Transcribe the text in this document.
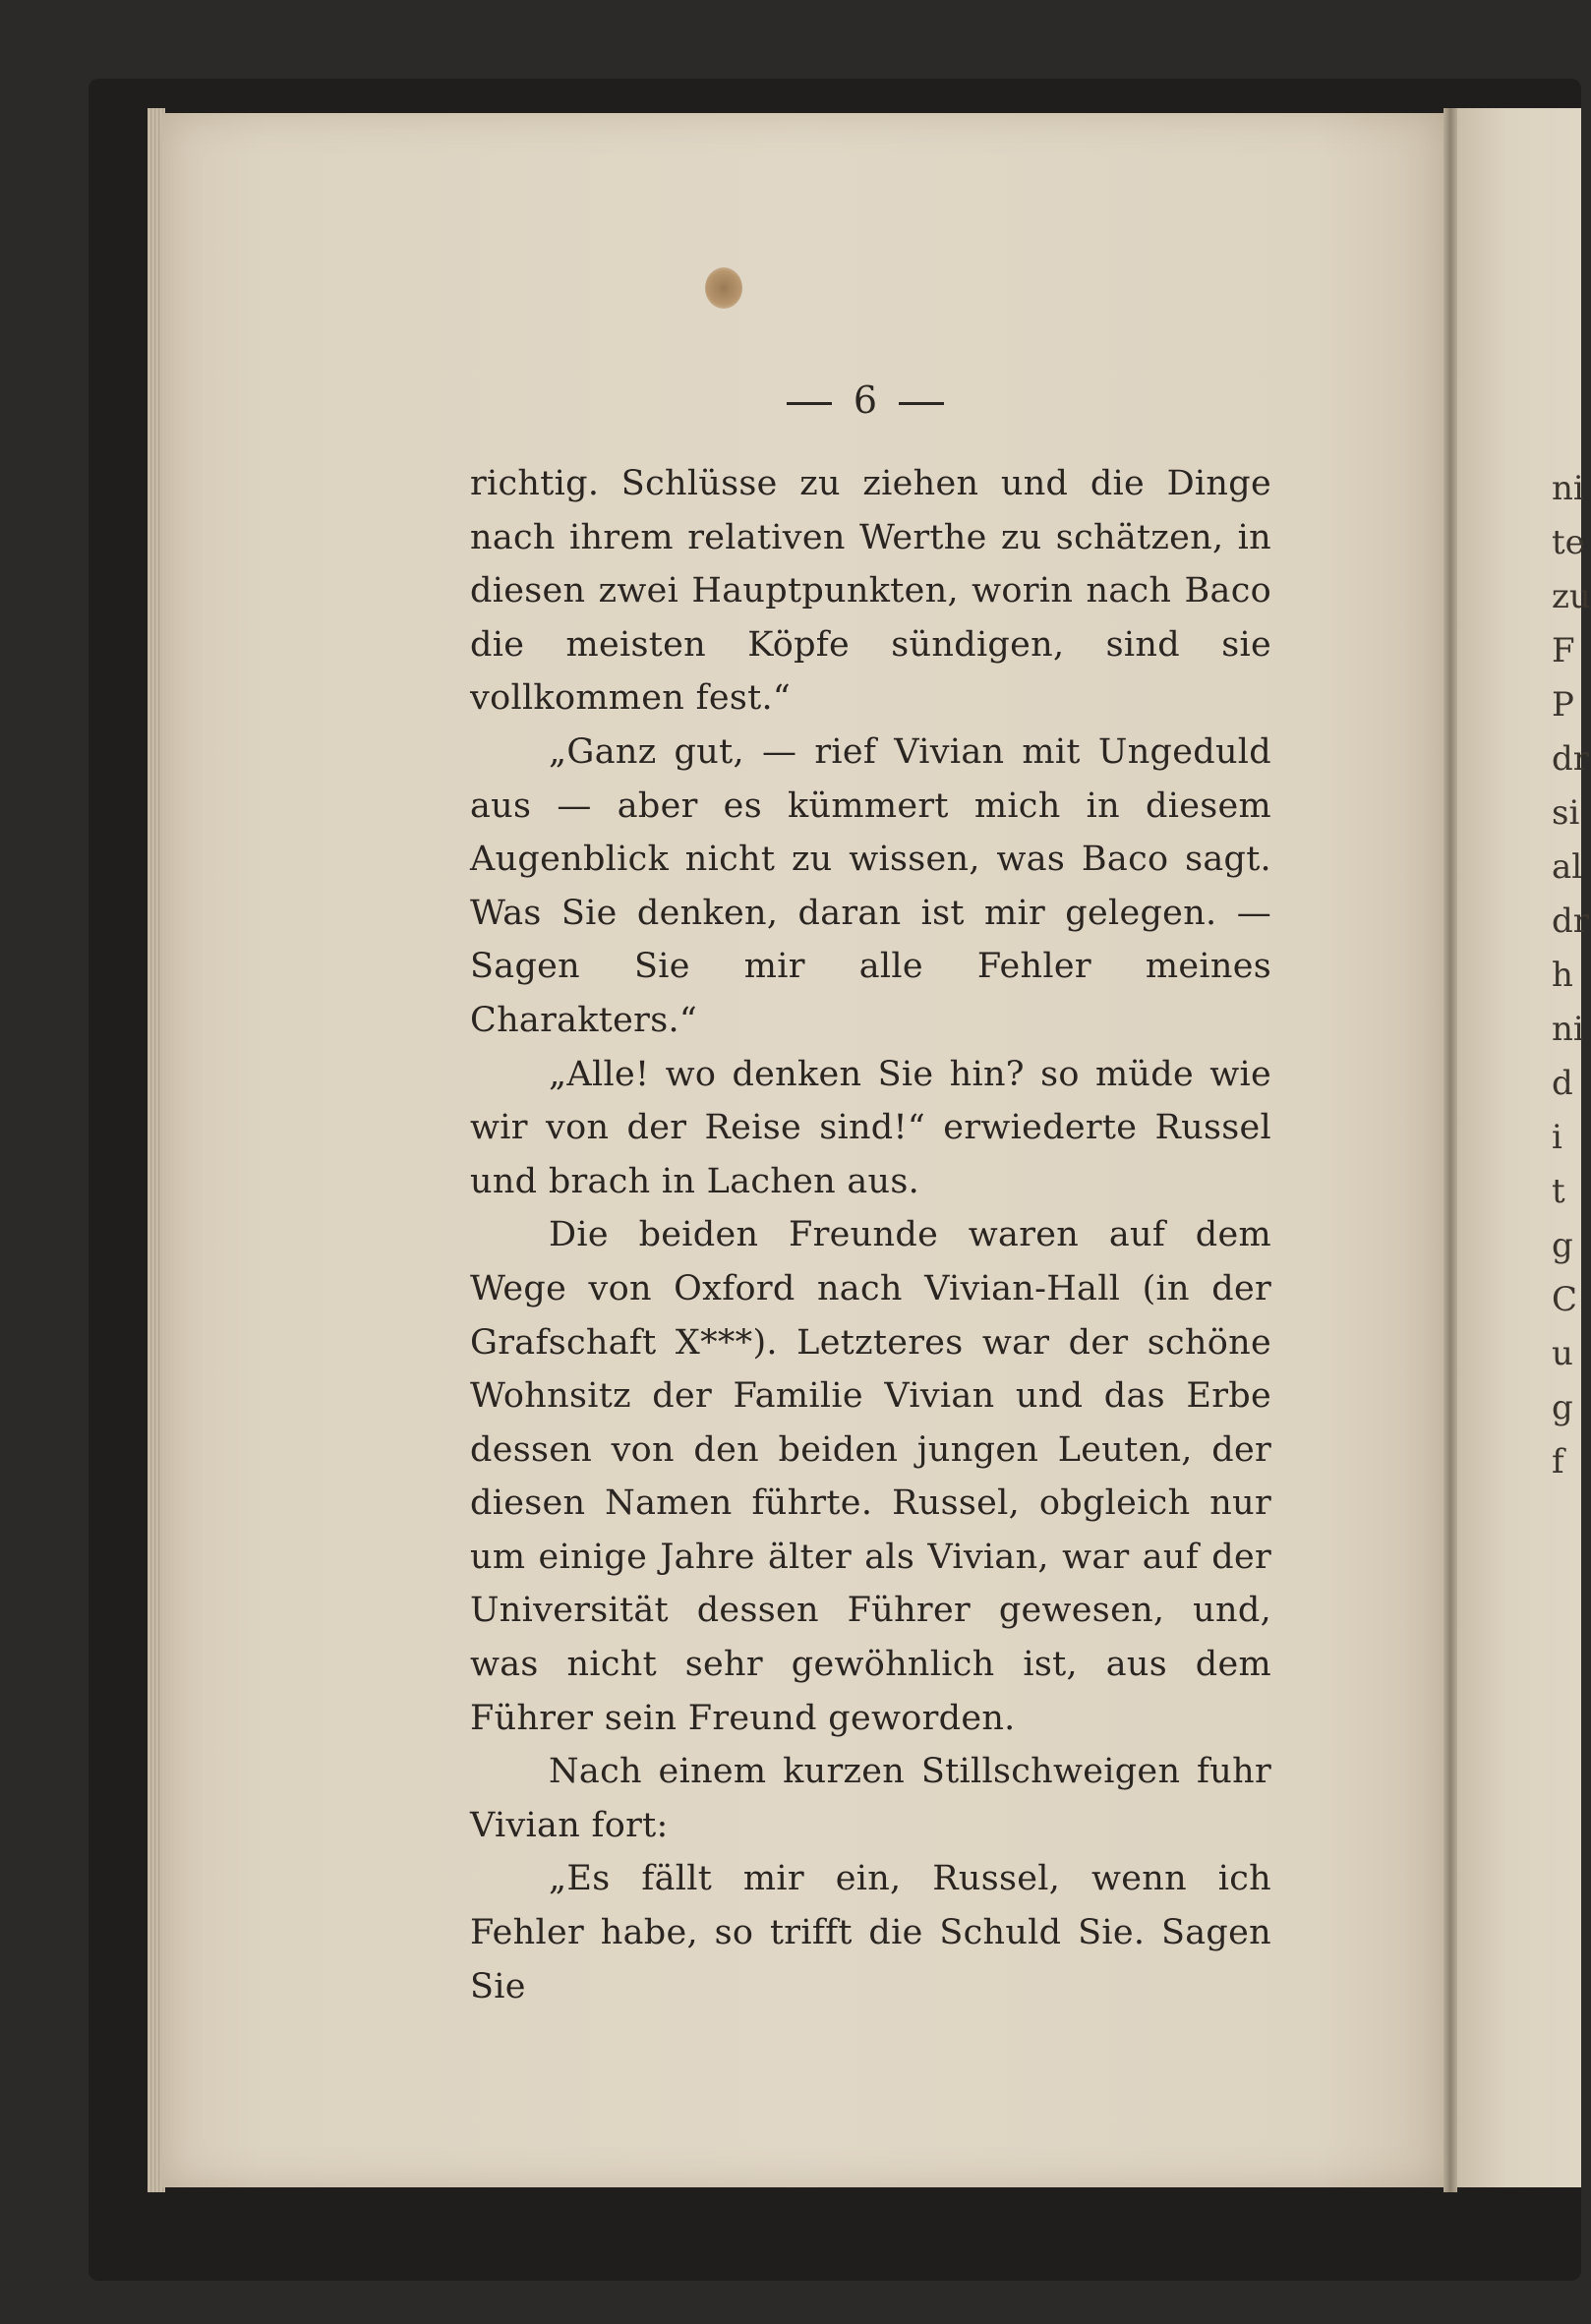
ni
te
zu
F
P
dr
si
al
dr
h
ni
d
i
t
g
C
u
g
f
6

richtig. Schlüsse zu ziehen und die Dinge nach ihrem relativen Werthe zu schätzen, in diesen zwei Hauptpunkten, worin nach Baco die meisten Köpfe sündigen, sind sie vollkommen fest.“

„Ganz gut, — rief Vivian mit Ungeduld aus — aber es kümmert mich in diesem Augenblick nicht zu wissen, was Baco sagt. Was Sie denken, daran ist mir gelegen. — Sagen Sie mir alle Fehler meines Charakters.“

„Alle! wo denken Sie hin? so müde wie wir von der Reise sind!“ erwiederte Russel und brach in Lachen aus.

Die beiden Freunde waren auf dem Wege von Oxford nach Vivian-Hall (in der Grafschaft X***). Letzteres war der schöne Wohnsitz der Familie Vivian und das Erbe dessen von den beiden jungen Leuten, der diesen Namen führte. Russel, obgleich nur um einige Jahre älter als Vivian, war auf der Universität dessen Führer gewesen, und, was nicht sehr gewöhnlich ist, aus dem Führer sein Freund geworden.

Nach einem kurzen Stillschweigen fuhr Vivian fort:

„Es fällt mir ein, Russel, wenn ich Fehler habe, so trifft die Schuld Sie. Sagen Sie
